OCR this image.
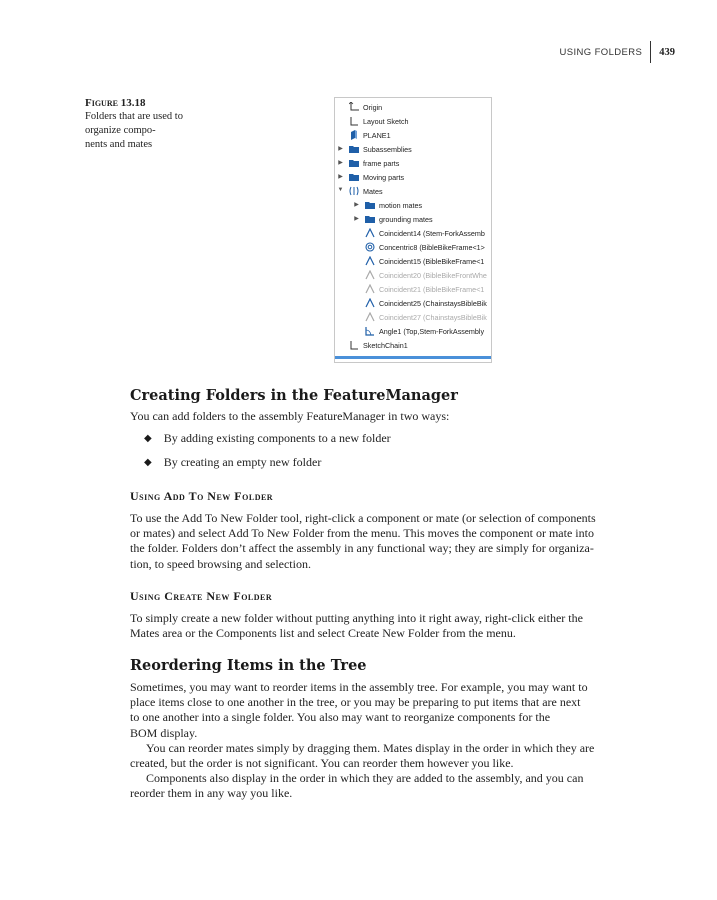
USING FOLDERS	439
Figure 13.18
Folders that are used to
organize compo-
nents and mates
Origin
Layout Sketch
PLANE1
▶	Subassemblies
▶	frame parts
▶	Moving parts
▼	Mates
▶	motion mates
▶	grounding mates
Coincident14 (Stem-ForkAssemb
Concentric8 (BibleBikeFrame<1>
Coincident15 (BibleBikeFrame<1
Coincident20 (BibleBikeFrontWhe
Coincident21 (BibleBikeFrame<1
Coincident25 (ChainstaysBibleBik
Coincident27 (ChainstaysBibleBik
Angle1 (Top,Stem-ForkAssembly
SketchChain1
Creating Folders in the FeatureManager
You can add folders to the assembly FeatureManager in two ways:
◆ By adding existing components to a new folder
◆ By creating an empty new folder
Using Add To New Folder
To use the Add To New Folder tool, right-click a component or mate (or selection of components
or mates) and select Add To New Folder from the menu. This moves the component or mate into
the folder. Folders don’t affect the assembly in any functional way; they are simply for organiza-
tion, to speed browsing and selection.
Using Create New Folder
To simply create a new folder without putting anything into it right away, right-click either the
Mates area or the Components list and select Create New Folder from the menu.
Reordering Items in the Tree
Sometimes, you may want to reorder items in the assembly tree. For example, you may want to
place items close to one another in the tree, or you may be preparing to put items that are next
to one another into a single folder. You also may want to reorganize components for the
BOM display.
You can reorder mates simply by dragging them. Mates display in the order in which they are
created, but the order is not significant. You can reorder them however you like.
Components also display in the order in which they are added to the assembly, and you can
reorder them in any way you like.
